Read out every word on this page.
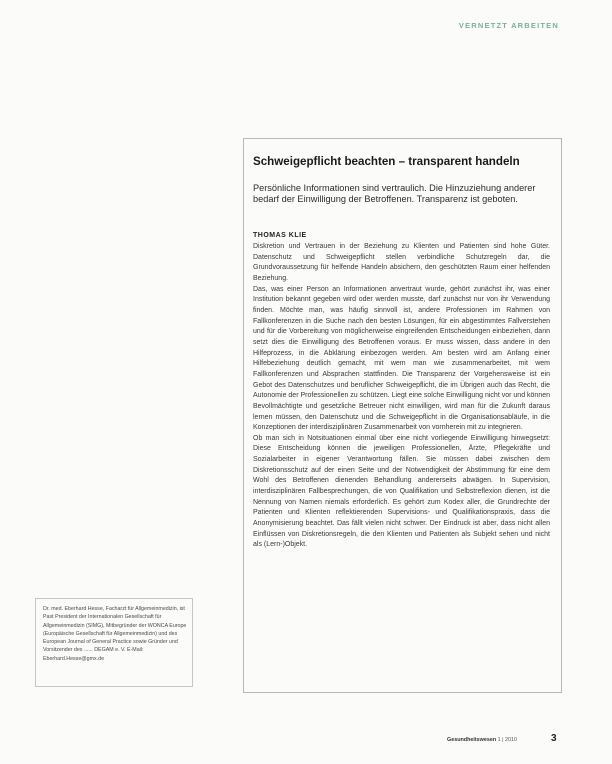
VERNETZT ARBEITEN
Schweigepflicht beachten – transparent handeln
Persönliche Informationen sind vertraulich. Die Hinzuziehung anderer bedarf der Einwilligung der Betroffenen. Transparenz ist geboten.
THOMAS KLIE

Diskretion und Vertrauen in der Beziehung zu Klienten und Patienten sind hohe Güter. Datenschutz und Schweigepflicht stellen verbindliche Schutzregeln dar, die Grundvoraussetzung für helfende Handeln absichern, den geschützten Raum einer helfenden Beziehung.

Das, was einer Person an Informationen anvertraut wurde, gehört zunächst ihr, was einer Institution bekannt gegeben wird oder werden musste, darf zunächst nur von ihr Verwendung finden. Möchte man, was häufig sinnvoll ist, andere Professionen im Rahmen von Fallkonferenzen in die Suche nach den besten Lösungen, für ein abgestimmtes Fallverstehen und für die Vorbereitung von möglicherweise eingreifenden Entscheidungen einbeziehen, dann setzt dies die Einwilligung des Betroffenen voraus. Er muss wissen, dass andere in den Hilfeprozess, in die Abklärung einbezogen werden. Am besten wird am Anfang einer Hilfebeziehung deutlich gemacht, mit wem man wie zusammenarbeitet, mit wem Fallkonferenzen und Absprachen stattfinden. Die Transparenz der Vorgehensweise ist ein Gebot des Datenschutzes und beruflicher Schweigepflicht, die im Übrigen auch das Recht, die Autonomie der Professionellen zu schützen. Liegt eine solche Einwilligung nicht vor und können Bevollmächtigte und gesetzliche Betreuer nicht einwilligen, wird man für die Zukunft daraus lernen müssen, den Datenschutz und die Schweigepflicht in die Organisationsabläufe, in die Konzeptionen der interdisziplinären Zusammenarbeit von vornherein mit zu integrieren.

Ob man sich in Notsituationen einmal über eine nicht vorliegende Einwilligung hinwegsetzt: Diese Entscheidung können die jeweiligen Professionellen, Ärzte, Pflegekräfte und Sozialarbeiter in eigener Verantwortung fällen. Sie müssen dabei zwischen dem Diskretionsschutz auf der einen Seite und der Notwendigkeit der Abstimmung für eine dem Wohl des Betroffenen dienenden Behandlung andererseits abwägen. In Supervision, interdisziplinären Fallbesprechungen, die von Qualifikation und Selbstreflexion dienen, ist die Nennung von Namen niemals erforderlich. Es gehört zum Kodex aller, die Grundrechte der Patienten und Klienten reflektierenden Supervisions- und Qualifikationspraxis, dass die Anonymisierung beachtet. Das fällt vielen nicht schwer. Der Eindruck ist aber, dass nicht allen Einflüssen von Diskretionsregeln, die den Klienten und Patienten als Subjekt sehen und nicht als (Lern-)Objekt.

Dr. med. Eberhard Hesse, Facharzt für Allgemeinmedizin, ist Past President der Internationalen Gesellschaft für Allgemeinmedizin (SIMG), Mitbegründer der WONCA Europe (Europäische Gesellschaft für Allgemeinmedizin) und des European Journal of General Practice sowie Gründer und Vorsitzender des ...... DEGAM e. V. E-Mail: Eberhard.Hesse@gmx.de
Gesundheitswesen 1 | 2010	3
